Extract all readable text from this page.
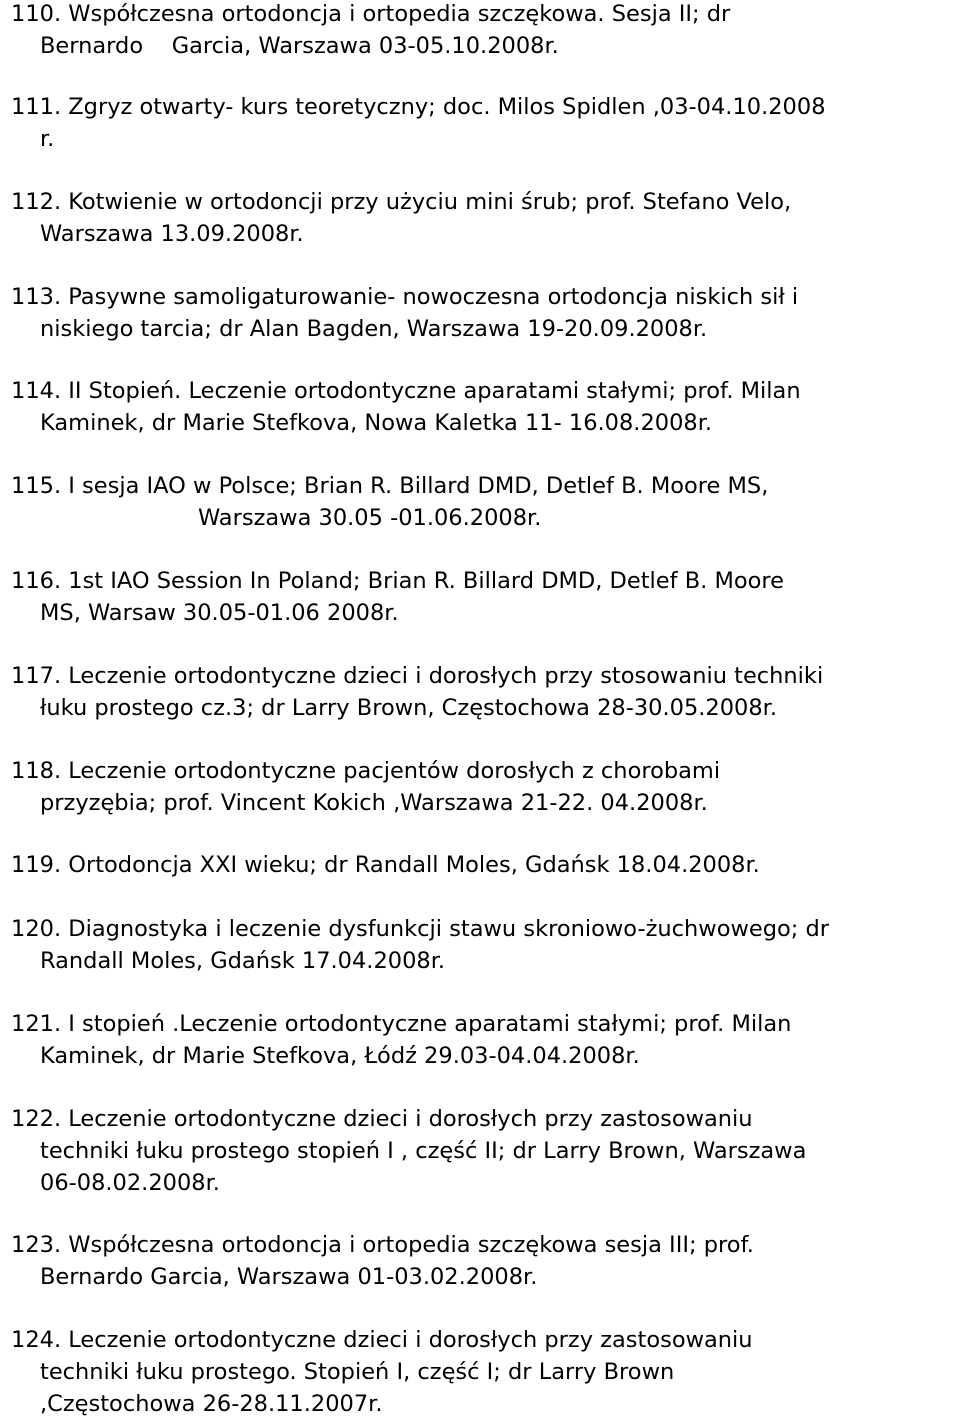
110. Współczesna ortodoncja i ortopedia szczękowa. Sesja II; dr
Bernardo    Garcia, Warszawa 03-05.10.2008r.
111. Zgryz otwarty- kurs teoretyczny; doc. Milos Spidlen ,03-04.10.2008
r.
112. Kotwienie w ortodoncji przy użyciu mini śrub; prof. Stefano Velo,
Warszawa 13.09.2008r.
113. Pasywne samoligaturowanie- nowoczesna ortodoncja niskich sił i
niskiego tarcia; dr Alan Bagden, Warszawa 19-20.09.2008r.
114. II Stopień. Leczenie ortodontyczne aparatami stałymi; prof. Milan
Kaminek, dr Marie Stefkova, Nowa Kaletka 11- 16.08.2008r.
115. I sesja IAO w Polsce; Brian R. Billard DMD, Detlef B. Moore MS,
Warszawa 30.05 -01.06.2008r.
116. 1st IAO Session In Poland; Brian R. Billard DMD, Detlef B. Moore
MS, Warsaw 30.05-01.06 2008r.
117. Leczenie ortodontyczne dzieci i dorosłych przy stosowaniu techniki
łuku prostego cz.3; dr Larry Brown, Częstochowa 28-30.05.2008r.
118. Leczenie ortodontyczne pacjentów dorosłych z chorobami
przyzębia; prof. Vincent Kokich ,Warszawa 21-22. 04.2008r.
119. Ortodoncja XXI wieku; dr Randall Moles, Gdańsk 18.04.2008r.
120. Diagnostyka i leczenie dysfunkcji stawu skroniowo-żuchwowego; dr
Randall Moles, Gdańsk 17.04.2008r.
121. I stopień .Leczenie ortodontyczne aparatami stałymi; prof. Milan
Kaminek, dr Marie Stefkova, Łódź 29.03-04.04.2008r.
122. Leczenie ortodontyczne dzieci i dorosłych przy zastosowaniu
techniki łuku prostego stopień I , część II; dr Larry Brown, Warszawa
06-08.02.2008r.
123. Współczesna ortodoncja i ortopedia szczękowa sesja III; prof.
Bernardo Garcia, Warszawa 01-03.02.2008r.
124. Leczenie ortodontyczne dzieci i dorosłych przy zastosowaniu
techniki łuku prostego. Stopień I, część I; dr Larry Brown
,Częstochowa 26-28.11.2007r.
